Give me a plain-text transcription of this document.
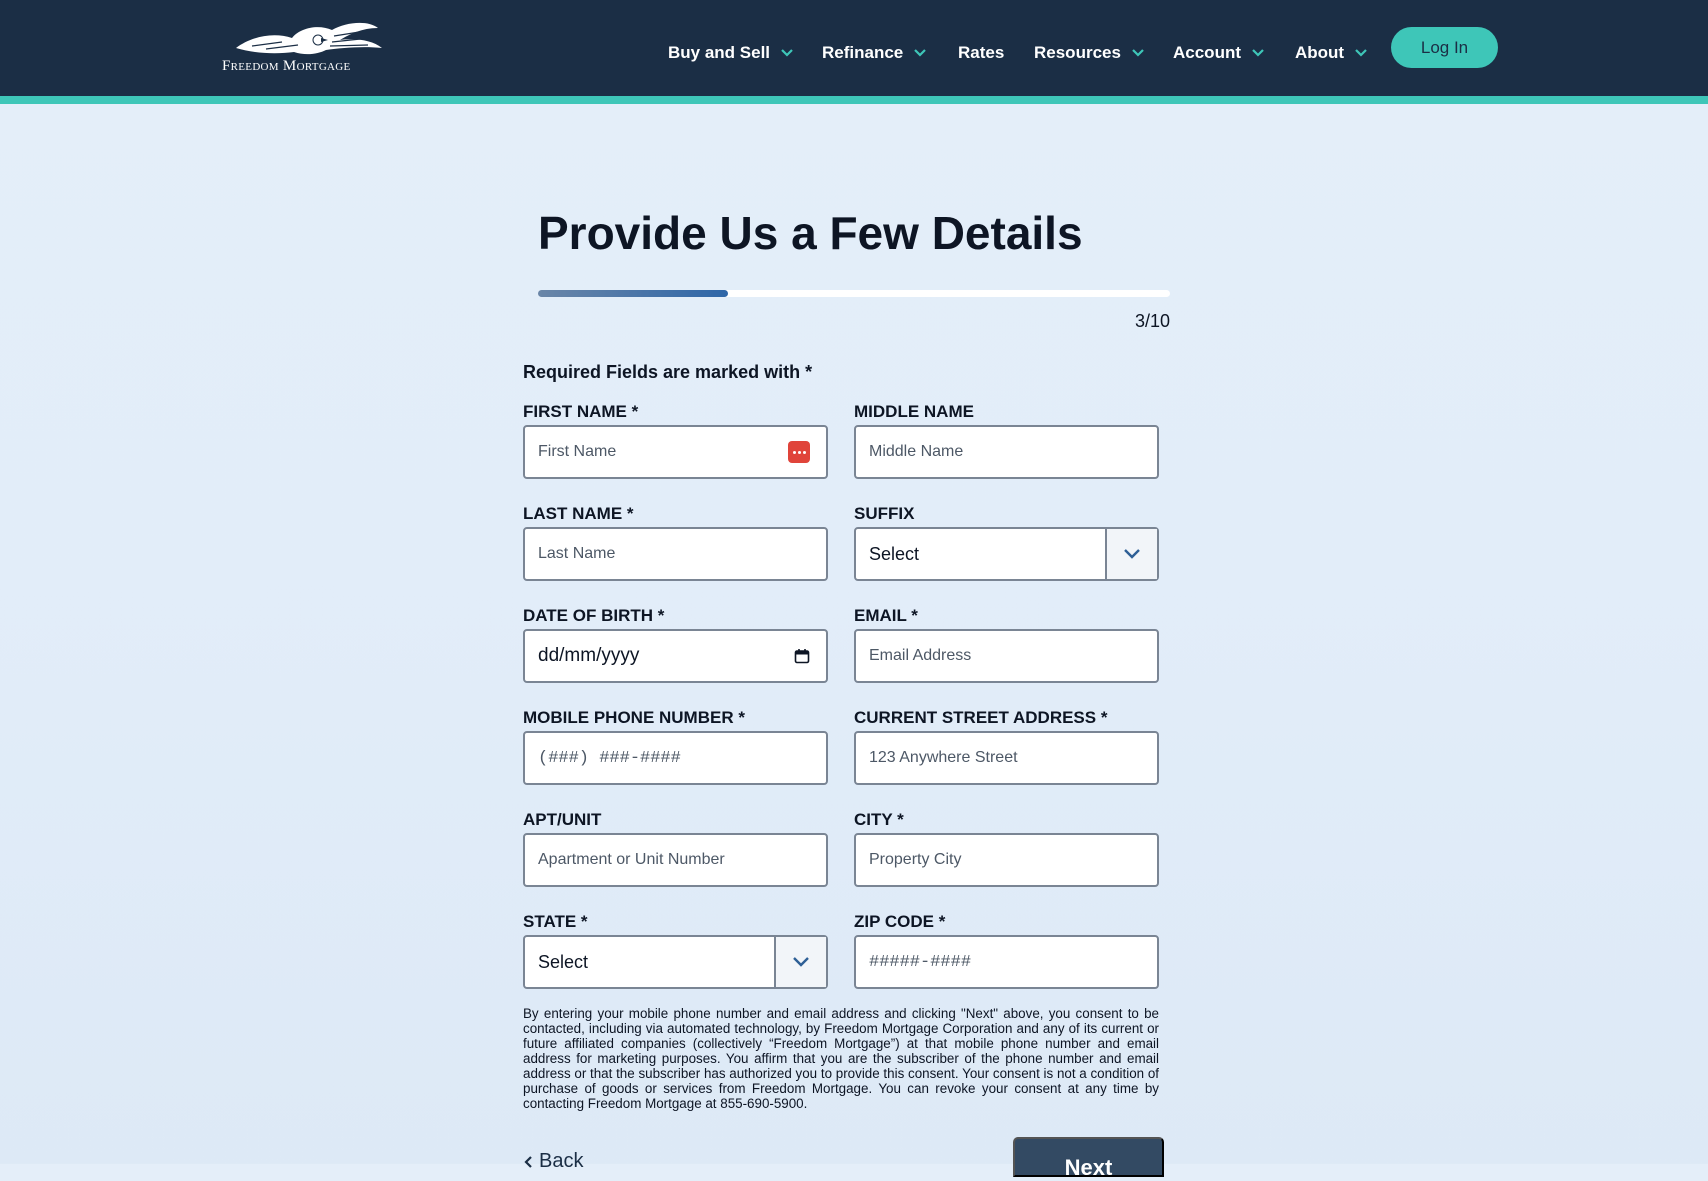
Freedom Mortgage
Buy and Sell	Refinance	Rates Resources	Account	About	Log In
Provide Us a Few Details
3/10
Required Fields are marked with *
FIRST NAME *
First Name	MIDDLE NAME
Middle Name
LAST NAME *
Last Name	SUFFIX
Select
DATE OF BIRTH *
dd/mm/yyyy
EMAIL *
Email Address
MOBILE PHONE NUMBER *
(###) ###-####	CURRENT STREET ADDRESS *
123 Anywhere Street
APT/UNIT
Apartment or Unit Number	CITY *
Property City
STATE *
Select
ZIP CODE *
#####-####

By entering your mobile phone number and email address and clicking "Next" above, you consent to be contacted, including via automated technology, by Freedom Mortgage Corporation and any of its current or future affiliated companies (collectively “Freedom Mortgage”) at that mobile phone number and email address for marketing purposes. You affirm that you are the subscriber of the phone number and email address or that the subscriber has authorized you to provide this consent. Your consent is not a condition of purchase of goods or services from Freedom Mortgage. You can revoke your consent at any time by contacting Freedom Mortgage at 855-690-5900.

Back	Next
